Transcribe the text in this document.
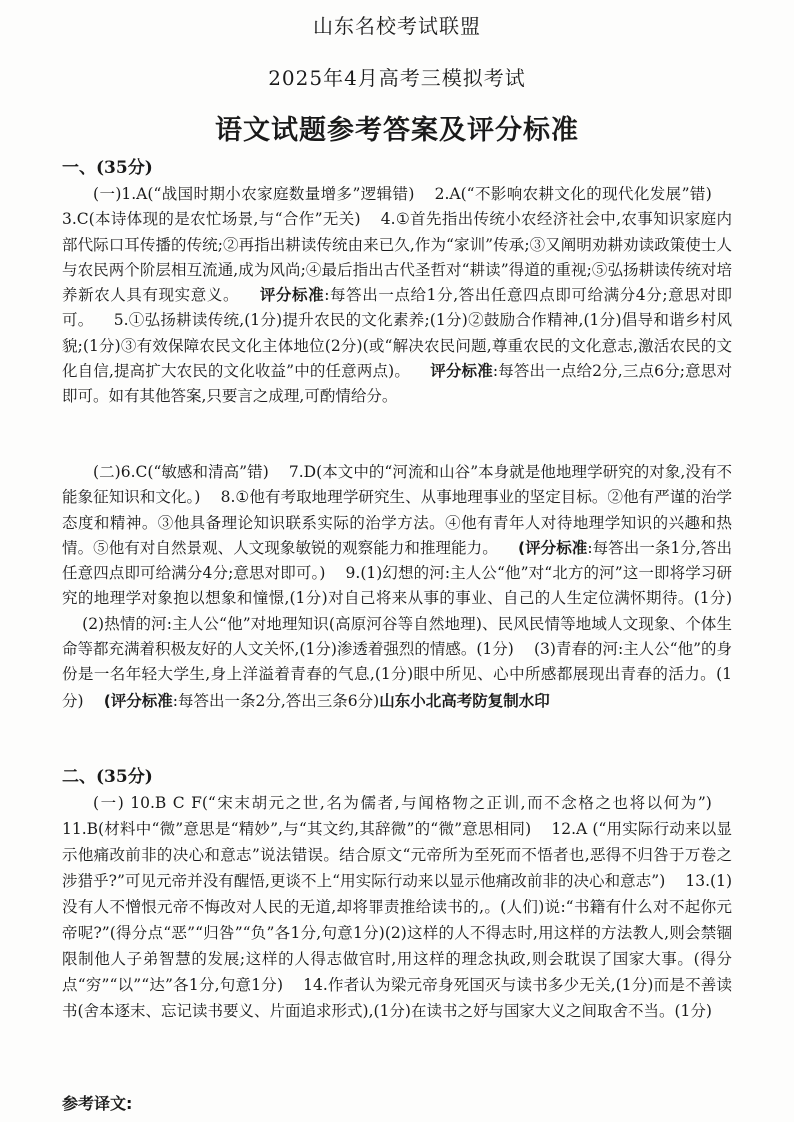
山东名校考试联盟
2025年4月高考三模拟考试
语文试题参考答案及评分标准
一、(35分)
(一)1.A(“战国时期小农家庭数量增多”逻辑错) 2.A(“不影响农耕文化的现代化发展”错)3.C(本诗体现的是农忙场景,与“合作”无关) 4.①首先指出传统小农经济社会中,农事知识家庭内部代际口耳传播的传统;②再指出耕读传统由来已久,作为“家训”传承;③又阐明劝耕劝读政策使士人与农民两个阶层相互流通,成为风尚;④最后指出古代圣哲对“耕读”得道的重视;⑤弘扬耕读传统对培养新农人具有现实意义。 评分标准:每答出一点给1分,答出任意四点即可给满分4分;意思对即可。 5.①弘扬耕读传统,(1分)提升农民的文化素养;(1分)②鼓励合作精神,(1分)倡导和谐乡村风貌;(1分)③有效保障农民文化主体地位(2分)(或“解决农民问题,尊重农民的文化意志,激活农民的文化自信,提高扩大农民的文化收益”中的任意两点)。 评分标准:每答出一点给2分,三点6分;意思对即可。如有其他答案,只要言之成理,可酌情给分。
(二)6.C(“敏感和清高”错) 7.D(本文中的“河流和山谷”本身就是他地理学研究的对象,没有不能象征知识和文化。) 8.①他有考取地理学研究生、从事地理事业的坚定目标。②他有严谨的治学态度和精神。③他具备理论知识联系实际的治学方法。④他有青年人对待地理学知识的兴趣和热情。⑤他有对自然景观、人文现象敏锐的观察能力和推理能力。 (评分标准:每答出一条1分,答出任意四点即可给满分4分;意思对即可。) 9.(1)幻想的河:主人公“他”对“北方的河”这一即将学习研究的地理学对象抱以想象和憧憬,(1分)对自己将来从事的事业、自己的人生定位满怀期待。(1分)(2)热情的河:主人公“他”对地理知识(高原河谷等自然地理)、民风民情等地域人文现象、个体生命等都充满着积极友好的人文关怀,(1分)渗透着强烈的情感。(1分) (3)青春的河:主人公“他”的身份是一名年轻大学生,身上洋溢着青春的气息,(1分)眼中所见、心中所感都展现出青春的活力。(1分) (评分标准:每答出一条2分,答出三条6分)山东小北高考防复制水印
二、(35分)
(一) 10.B C F(“宋末胡元之世,名为儒者,与闻格物之正训,而不念格之也将以何为”)11.B(材料中“微”意思是“精妙”,与“其文约,其辞微”的“微”意思相同) 12.A (“用实际行动来以显示他痛改前非的决心和意志”说法错误。结合原文“元帝所为至死而不悟者也,恶得不归咎于万卷之涉猎乎?”可见元帝并没有醒悟,更谈不上“用实际行动来以显示他痛改前非的决心和意志”) 13.(1)没有人不憎恨元帝不悔改对人民的无道,却将罪责推给读书的,。(人们)说:“书籍有什么对不起你元帝呢?”(得分点“恶”“归咎”“负”各1分,句意1分)(2)这样的人不得志时,用这样的方法教人,则会禁锢限制他人子弟智慧的发展;这样的人得志做官时,用这样的理念执政,则会耽误了国家大事。(得分点“穷”“以”“达”各1分,句意1分) 14.作者认为梁元帝身死国灭与读书多少无关,(1分)而是不善读书(舍本逐末、忘记读书要义、片面追求形式),(1分)在读书之妤与国家大义之间取舍不当。(1分)
参考译文:
